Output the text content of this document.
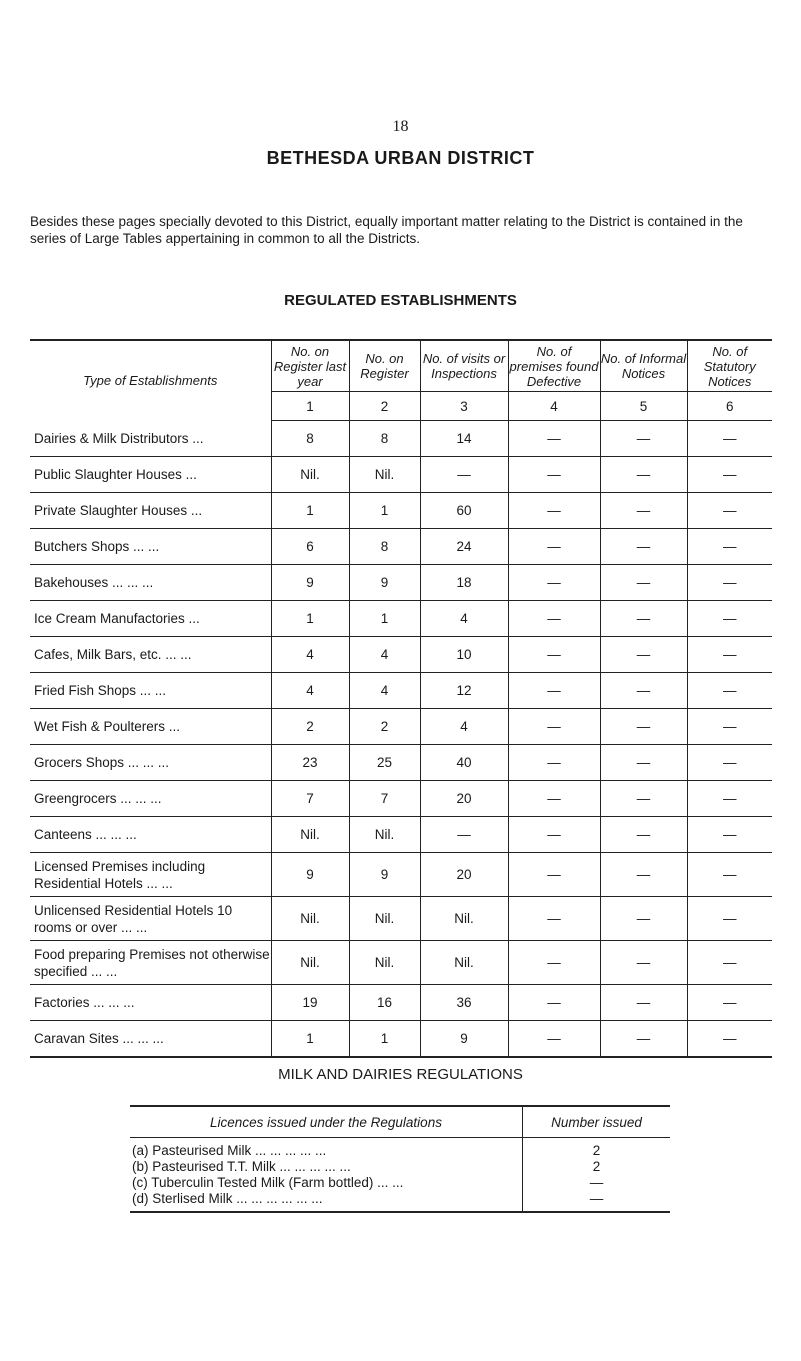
18
BETHESDA URBAN DISTRICT
Besides these pages specially devoted to this District, equally important matter relating to the District is contained in the series of Large Tables appertaining in common to all the Districts.
REGULATED ESTABLISHMENTS
Type of Establishments	No. on Register last year	No. on Register	No. of visits or Inspections	No. of premises found Defective	No. of Informal Notices	No. of Statutory Notices
	1	2	3	4	5	6
Dairies & Milk Distributors ...	8	8	14	—	—	—
Public Slaughter Houses ...	Nil.	Nil.	—	—	—	—
Private Slaughter Houses ...	1	1	60	—	—	—
Butchers Shops ... ...	6	8	24	—	—	—
Bakehouses ... ... ...	9	9	18	—	—	—
Ice Cream Manufactories ...	1	1	4	—	—	—
Cafes, Milk Bars, etc. ... ...	4	4	10	—	—	—
Fried Fish Shops ... ...	4	4	12	—	—	—
Wet Fish & Poulterers ...	2	2	4	—	—	—
Grocers Shops ... ... ...	23	25	40	—	—	—
Greengrocers ... ... ...	7	7	20	—	—	—
Canteens ... ... ...	Nil.	Nil.	—	—	—	—
Licensed Premises including Residential Hotels ... ...	9	9	20	—	—	—
Unlicensed Residential Hotels 10 rooms or over ... ...	Nil.	Nil.	Nil.	—	—	—
Food preparing Premises not otherwise specified ... ...	Nil.	Nil.	Nil.	—	—	—
Factories ... ... ...	19	16	36	—	—	—
Caravan Sites ... ... ...	1	1	9	—	—	—
MILK AND DAIRIES REGULATIONS
Licences issued under the Regulations	Number issued
(a) Pasteurised Milk ... ... ... ... ...	2
(b) Pasteurised T.T. Milk ... ... ... ... ...	2
(c) Tuberculin Tested Milk (Farm bottled) ... ...	—
(d) Sterlised Milk ... ... ... ... ... ...	—
